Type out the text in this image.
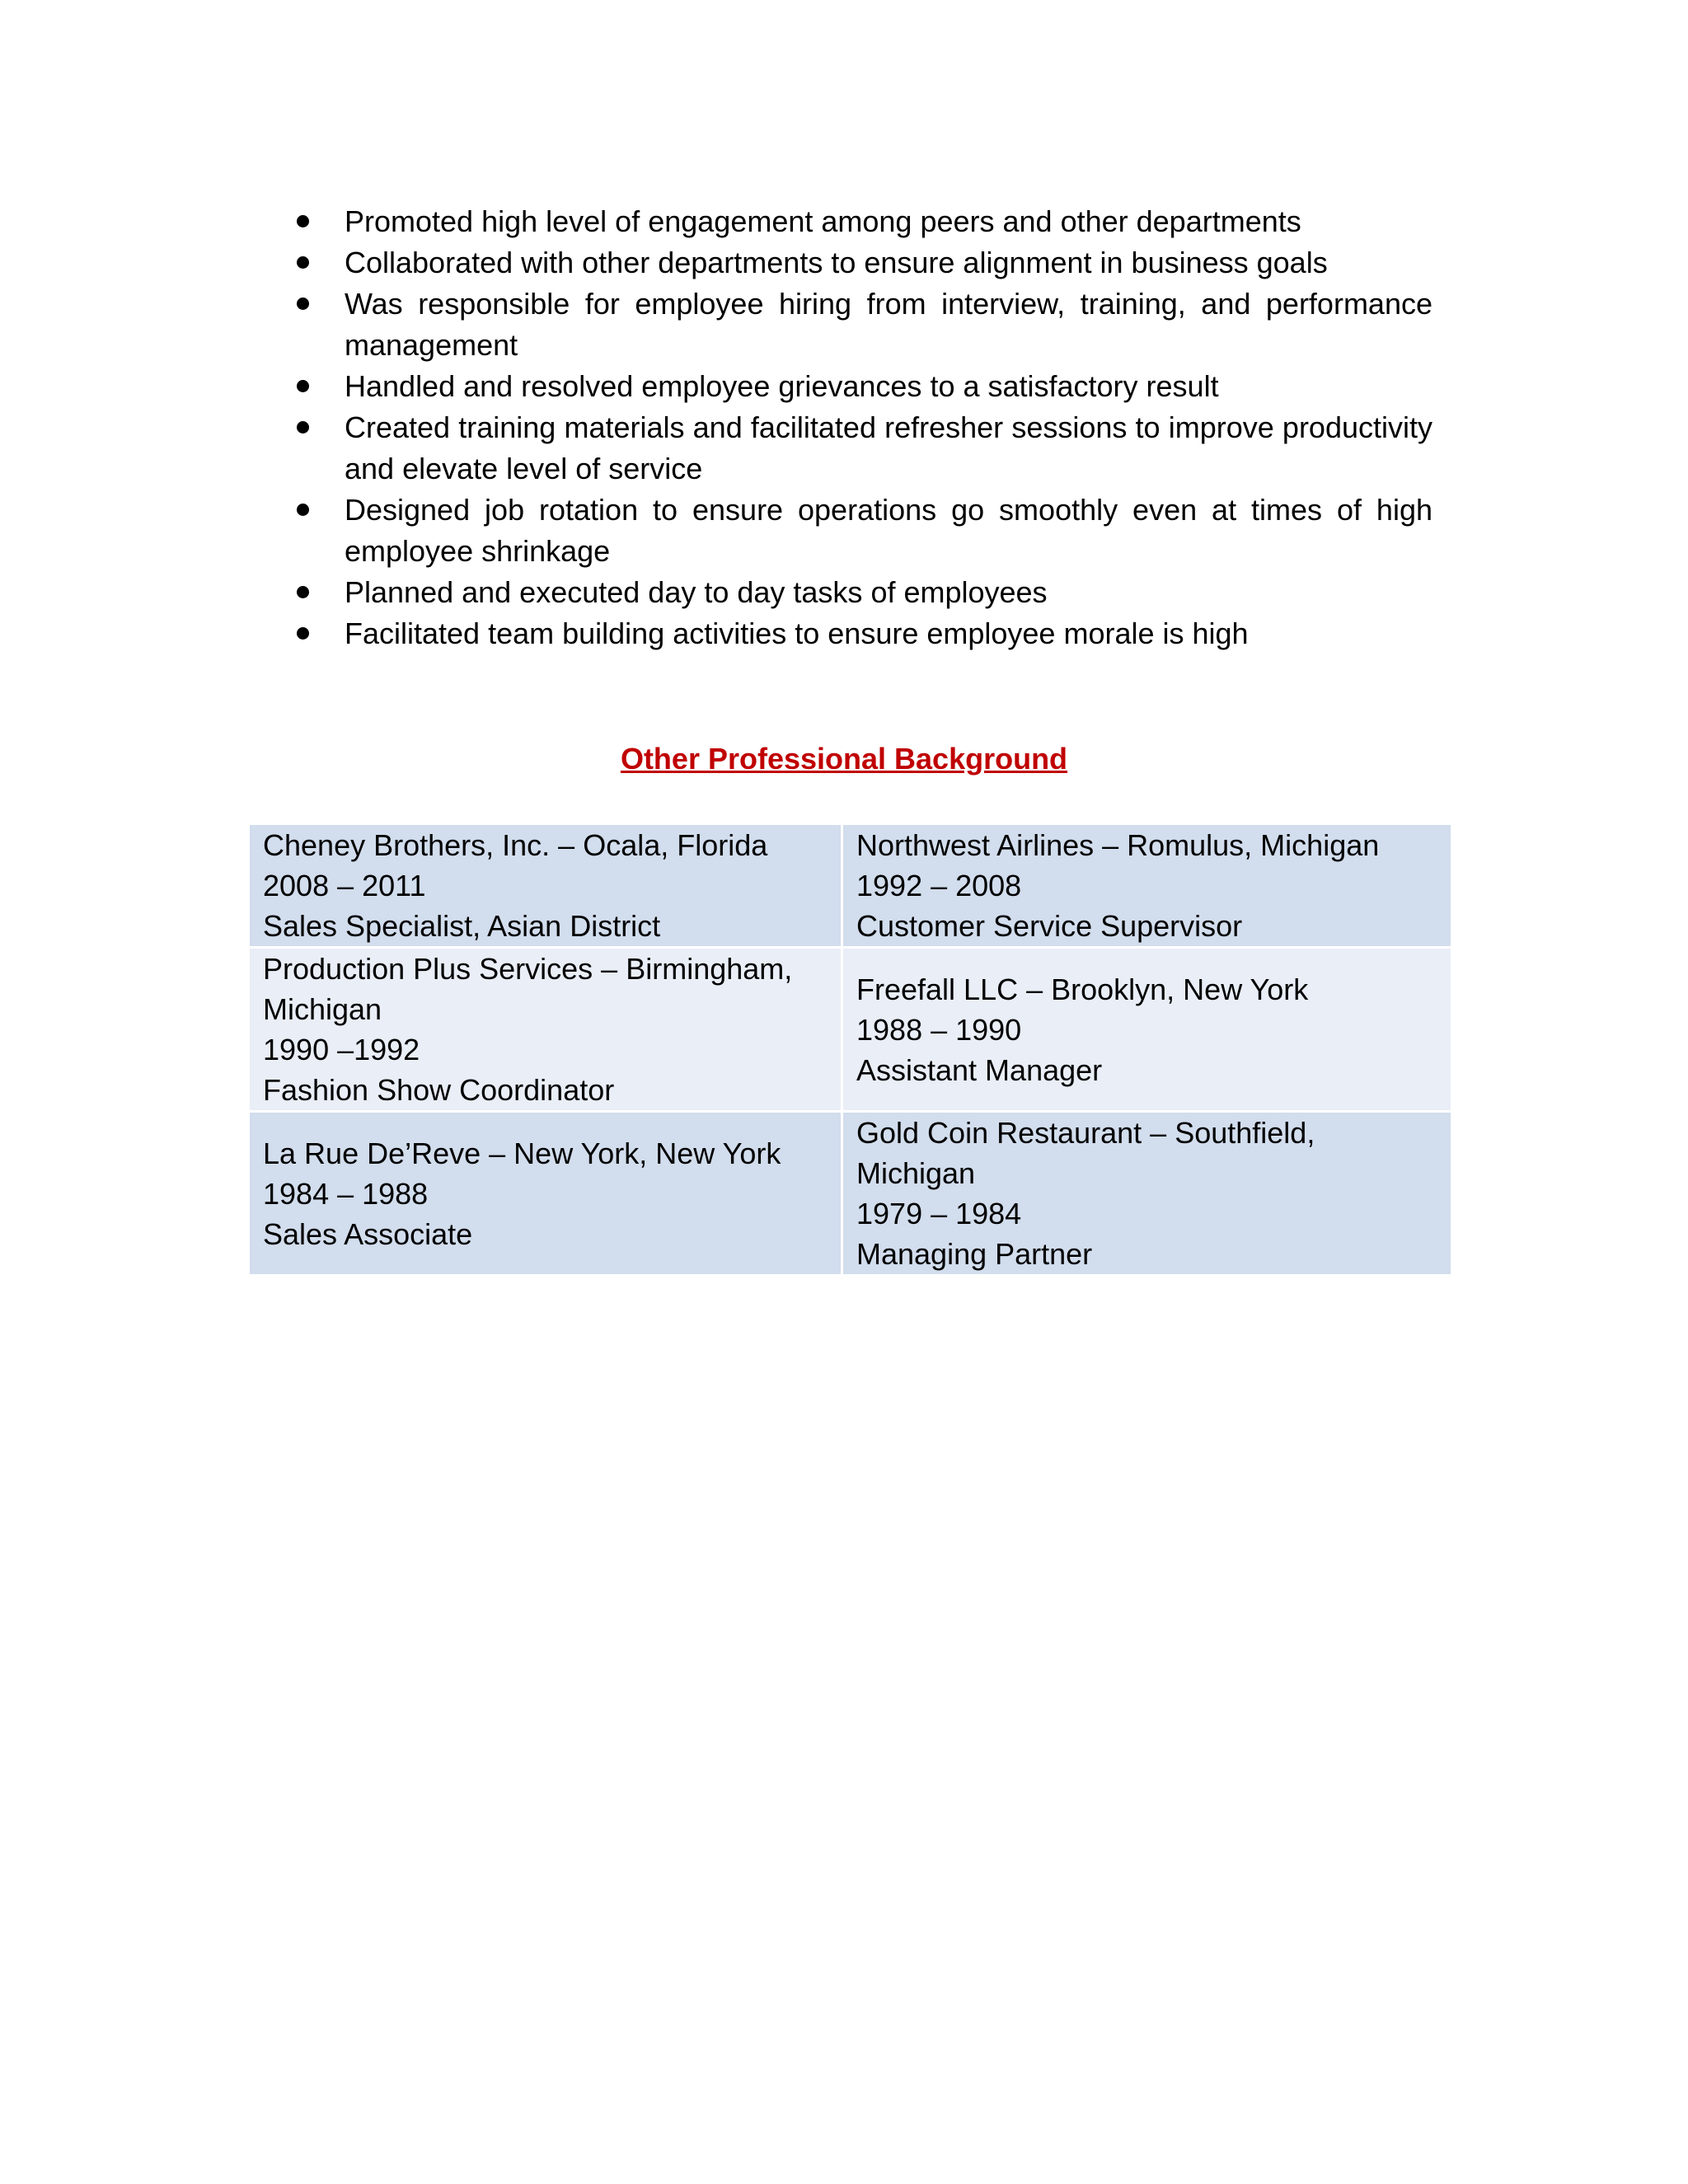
Promoted high level of engagement among peers and other departments
Collaborated with other departments to ensure alignment in business goals
Was responsible for employee hiring from interview, training, and performance management
Handled and resolved employee grievances to a satisfactory result
Created training materials and facilitated refresher sessions to improve productivity and elevate level of service
Designed job rotation to ensure operations go smoothly even at times of high employee shrinkage
Planned and executed day to day tasks of employees
Facilitated team building activities to ensure employee morale is high
Other Professional Background
Cheney Brothers, Inc. – Ocala, Florida
2008 – 2011
Sales Specialist, Asian District	Northwest Airlines – Romulus, Michigan
1992 – 2008
Customer Service Supervisor

Production Plus Services – Birmingham, Michigan
1990 –1992
Fashion Show Coordinator	Freefall LLC – Brooklyn, New York
1988 – 1990
Assistant Manager

La Rue De’Reve – New York, New York
1984 – 1988
Sales Associate	Gold Coin Restaurant – Southfield, Michigan
1979 – 1984
Managing Partner
